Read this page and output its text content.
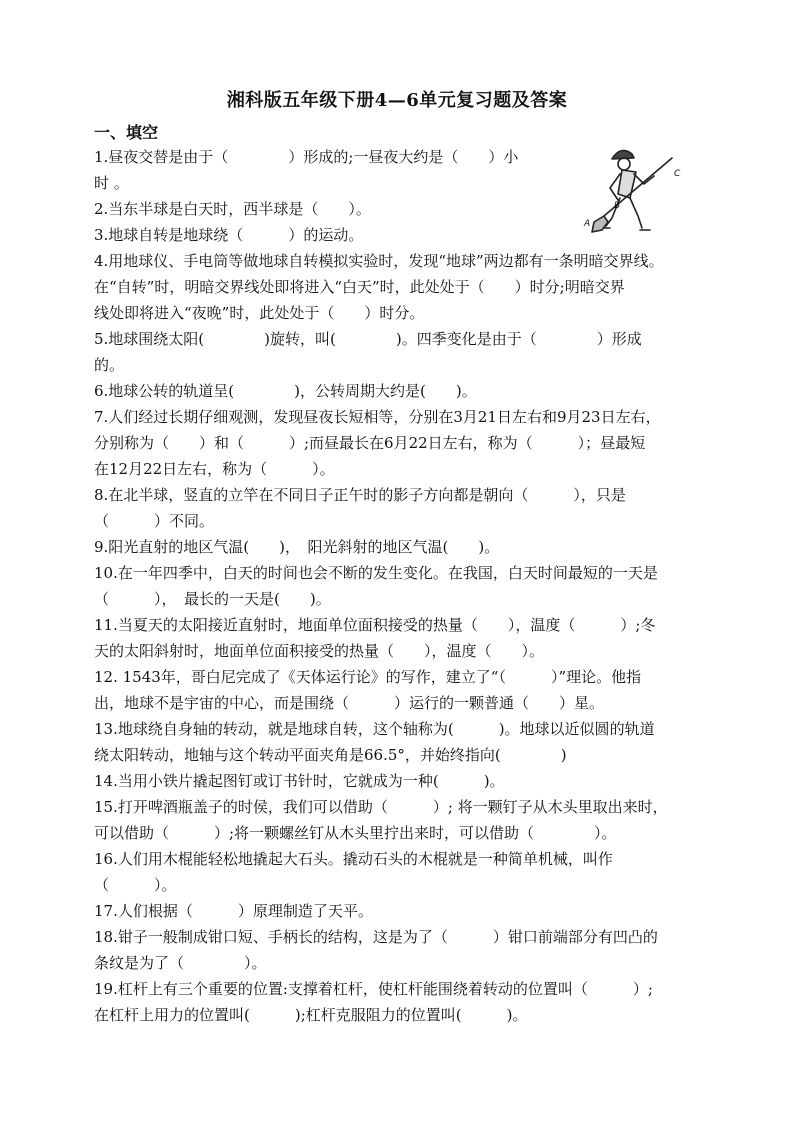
湘科版五年级下册4—6单元复习题及答案
一、填空
1.昼夜交替是由于（　　　　）形成的;一昼夜大约是（　　）小
时 。
2.当东半球是白天时，西半球是（　　）。
3.地球自转是地球绕（　　　）的运动。
4.用地球仪、手电筒等做地球自转模拟实验时，发现“地球”两边都有一条明暗交界线。
在“自转”时，明暗交界线处即将进入“白天”时，此处处于（　　）时分;明暗交界
线处即将进入“夜晚”时，此处处于（　　）时分。
5.地球围绕太阳(　　　　)旋转，叫(　　　　)。四季变化是由于（　　　　）形成
的。
6.地球公转的轨道呈(　　　　)，公转周期大约是(　　)。
7.人们经过长期仔细观测，发现昼夜长短相等，分别在3月21日左右和9月23日左右，
分别称为（　　）和（　　　）;而昼最长在6月22日左右，称为（　　　）；昼最短
在12月22日左右，称为（　　　）。
8.在北半球，竖直的立竿在不同日子正午时的影子方向都是朝向（　　　），只是
（　　　）不同。
9.阳光直射的地区气温(　　)，　阳光斜射的地区气温(　　)。
10.在一年四季中，白天的时间也会不断的发生变化。在我国，白天时间最短的一天是
（　　　），　最长的一天是(　　)。
11.当夏天的太阳接近直射时，地面单位面积接受的热量（　　），温度（　　　）;冬
天的太阳斜射时，地面单位面积接受的热量（　　），温度（　　）。
12. 1543年，哥白尼完成了《天体运行论》的写作，建立了“（　　　）”理论。他指
出，地球不是宇宙的中心，而是围绕（　　　）运行的一颗普通（　　）星。
13.地球绕自身轴的转动，就是地球自转，这个轴称为(　　　)。地球以近似圆的轨道
绕太阳转动，地轴与这个转动平面夹角是66.5°，并始终指向(　　　　)
14.当用小铁片撬起图钉或订书针时，它就成为一种(　　　)。
15.打开啤酒瓶盖子的时侯，我们可以借助（　　　）; 将一颗钉子从木头里取出来时，
可以借助（　　　）;将一颗螺丝钉从木头里拧出来时，可以借助（　　　　）。
16.人们用木棍能轻松地撬起大石头。撬动石头的木棍就是一种简单机械，叫作
（　　　）。
17.人们根据（　　　）原理制造了天平。
18.钳子一般制成钳口短、手柄长的结构，这是为了（　　　）钳口前端部分有凹凸的
条纹是为了（　　　　）。
19.杠杆上有三个重要的位置:支撑着杠杆，使杠杆能围绕着转动的位置叫（　　　）;
在杠杆上用力的位置叫(　　　);杠杆克服阻力的位置叫(　　　)。
A
B
C
